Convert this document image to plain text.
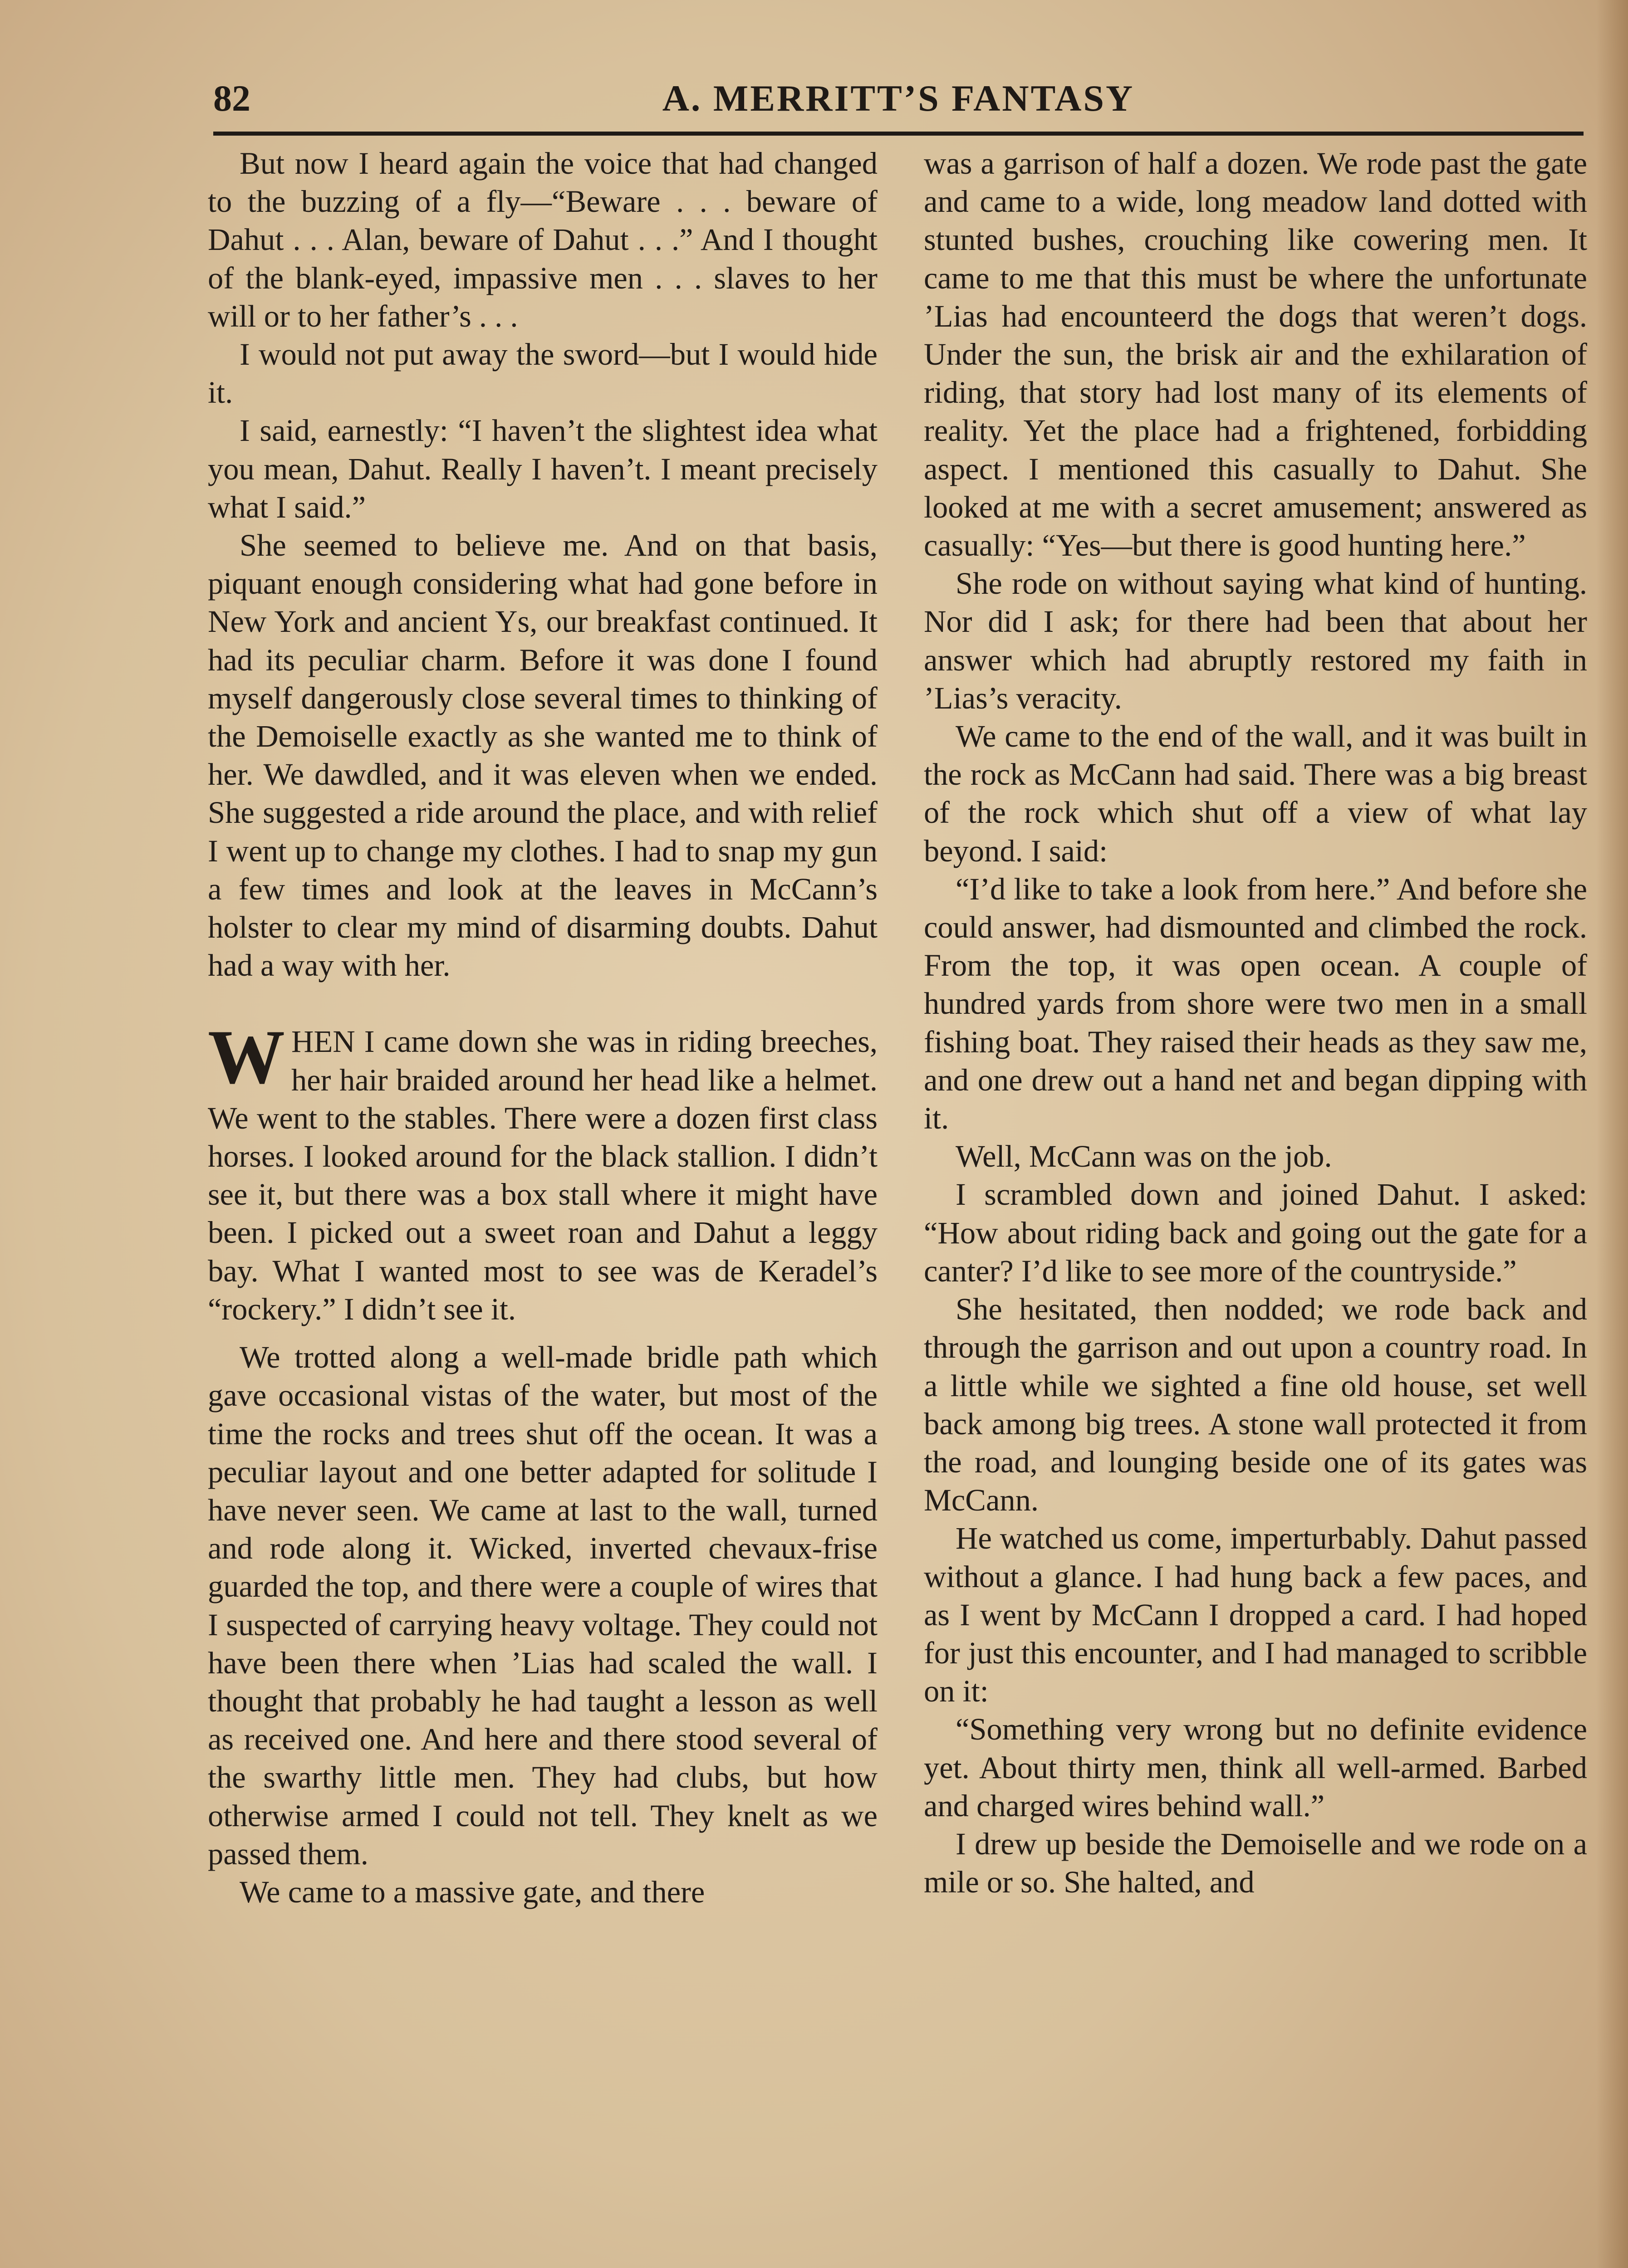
82	A. MERRITT’S FANTASY

But now I heard again the voice that had changed to the buzzing of a fly—“Beware . . . beware of Dahut . . . Alan, beware of Dahut . . .” And I thought of the blank-eyed, impassive men . . . slaves to her will or to her father’s . . .

I would not put away the sword—but I would hide it.

I said, earnestly: “I haven’t the slightest idea what you mean, Dahut. Really I haven’t. I meant precisely what I said.”

She seemed to believe me. And on that basis, piquant enough considering what had gone before in New York and ancient Ys, our breakfast continued. It had its peculiar charm. Before it was done I found myself dangerously close several times to thinking of the Demoiselle exactly as she wanted me to think of her. We dawdled, and it was eleven when we ended. She suggested a ride around the place, and with relief I went up to change my clothes. I had to snap my gun a few times and look at the leaves in McCann’s holster to clear my mind of disarming doubts. Dahut had a way with her.

WHEN I came down she was in riding breeches, her hair braided around her head like a helmet. We went to the stables. There were a dozen first class horses. I looked around for the black stallion. I didn’t see it, but there was a box stall where it might have been. I picked out a sweet roan and Dahut a leggy bay. What I wanted most to see was de Keradel’s “rockery.” I didn’t see it.

We trotted along a well-made bridle path which gave occasional vistas of the water, but most of the time the rocks and trees shut off the ocean. It was a peculiar layout and one better adapted for solitude I have never seen. We came at last to the wall, turned and rode along it. Wicked, inverted chevaux-frise guarded the top, and there were a couple of wires that I suspected of carrying heavy voltage. They could not have been there when ’Lias had scaled the wall. I thought that probably he had taught a lesson as well as received one. And here and there stood several of the swarthy little men. They had clubs, but how otherwise armed I could not tell. They knelt as we passed them.

We came to a massive gate, and there

was a garrison of half a dozen. We rode past the gate and came to a wide, long meadow land dotted with stunted bushes, crouching like cowering men. It came to me that this must be where the unfortunate ’Lias had encounteerd the dogs that weren’t dogs. Under the sun, the brisk air and the exhilaration of riding, that story had lost many of its elements of reality. Yet the place had a frightened, forbidding aspect. I mentioned this casually to Dahut. She looked at me with a secret amusement; answered as casually: “Yes—but there is good hunting here.”

She rode on without saying what kind of hunting. Nor did I ask; for there had been that about her answer which had abruptly restored my faith in ’Lias’s veracity.

We came to the end of the wall, and it was built in the rock as McCann had said. There was a big breast of the rock which shut off a view of what lay beyond. I said:

“I’d like to take a look from here.” And before she could answer, had dismounted and climbed the rock. From the top, it was open ocean. A couple of hundred yards from shore were two men in a small fishing boat. They raised their heads as they saw me, and one drew out a hand net and began dipping with it.

Well, McCann was on the job.

I scrambled down and joined Dahut. I asked: “How about riding back and going out the gate for a canter? I’d like to see more of the countryside.”

She hesitated, then nodded; we rode back and through the garrison and out upon a country road. In a little while we sighted a fine old house, set well back among big trees. A stone wall protected it from the road, and lounging beside one of its gates was McCann.

He watched us come, imperturbably. Dahut passed without a glance. I had hung back a few paces, and as I went by McCann I dropped a card. I had hoped for just this encounter, and I had managed to scribble on it:

“Something very wrong but no definite evidence yet. About thirty men, think all well-armed. Barbed and charged wires behind wall.”

I drew up beside the Demoiselle and we rode on a mile or so. She halted, and
